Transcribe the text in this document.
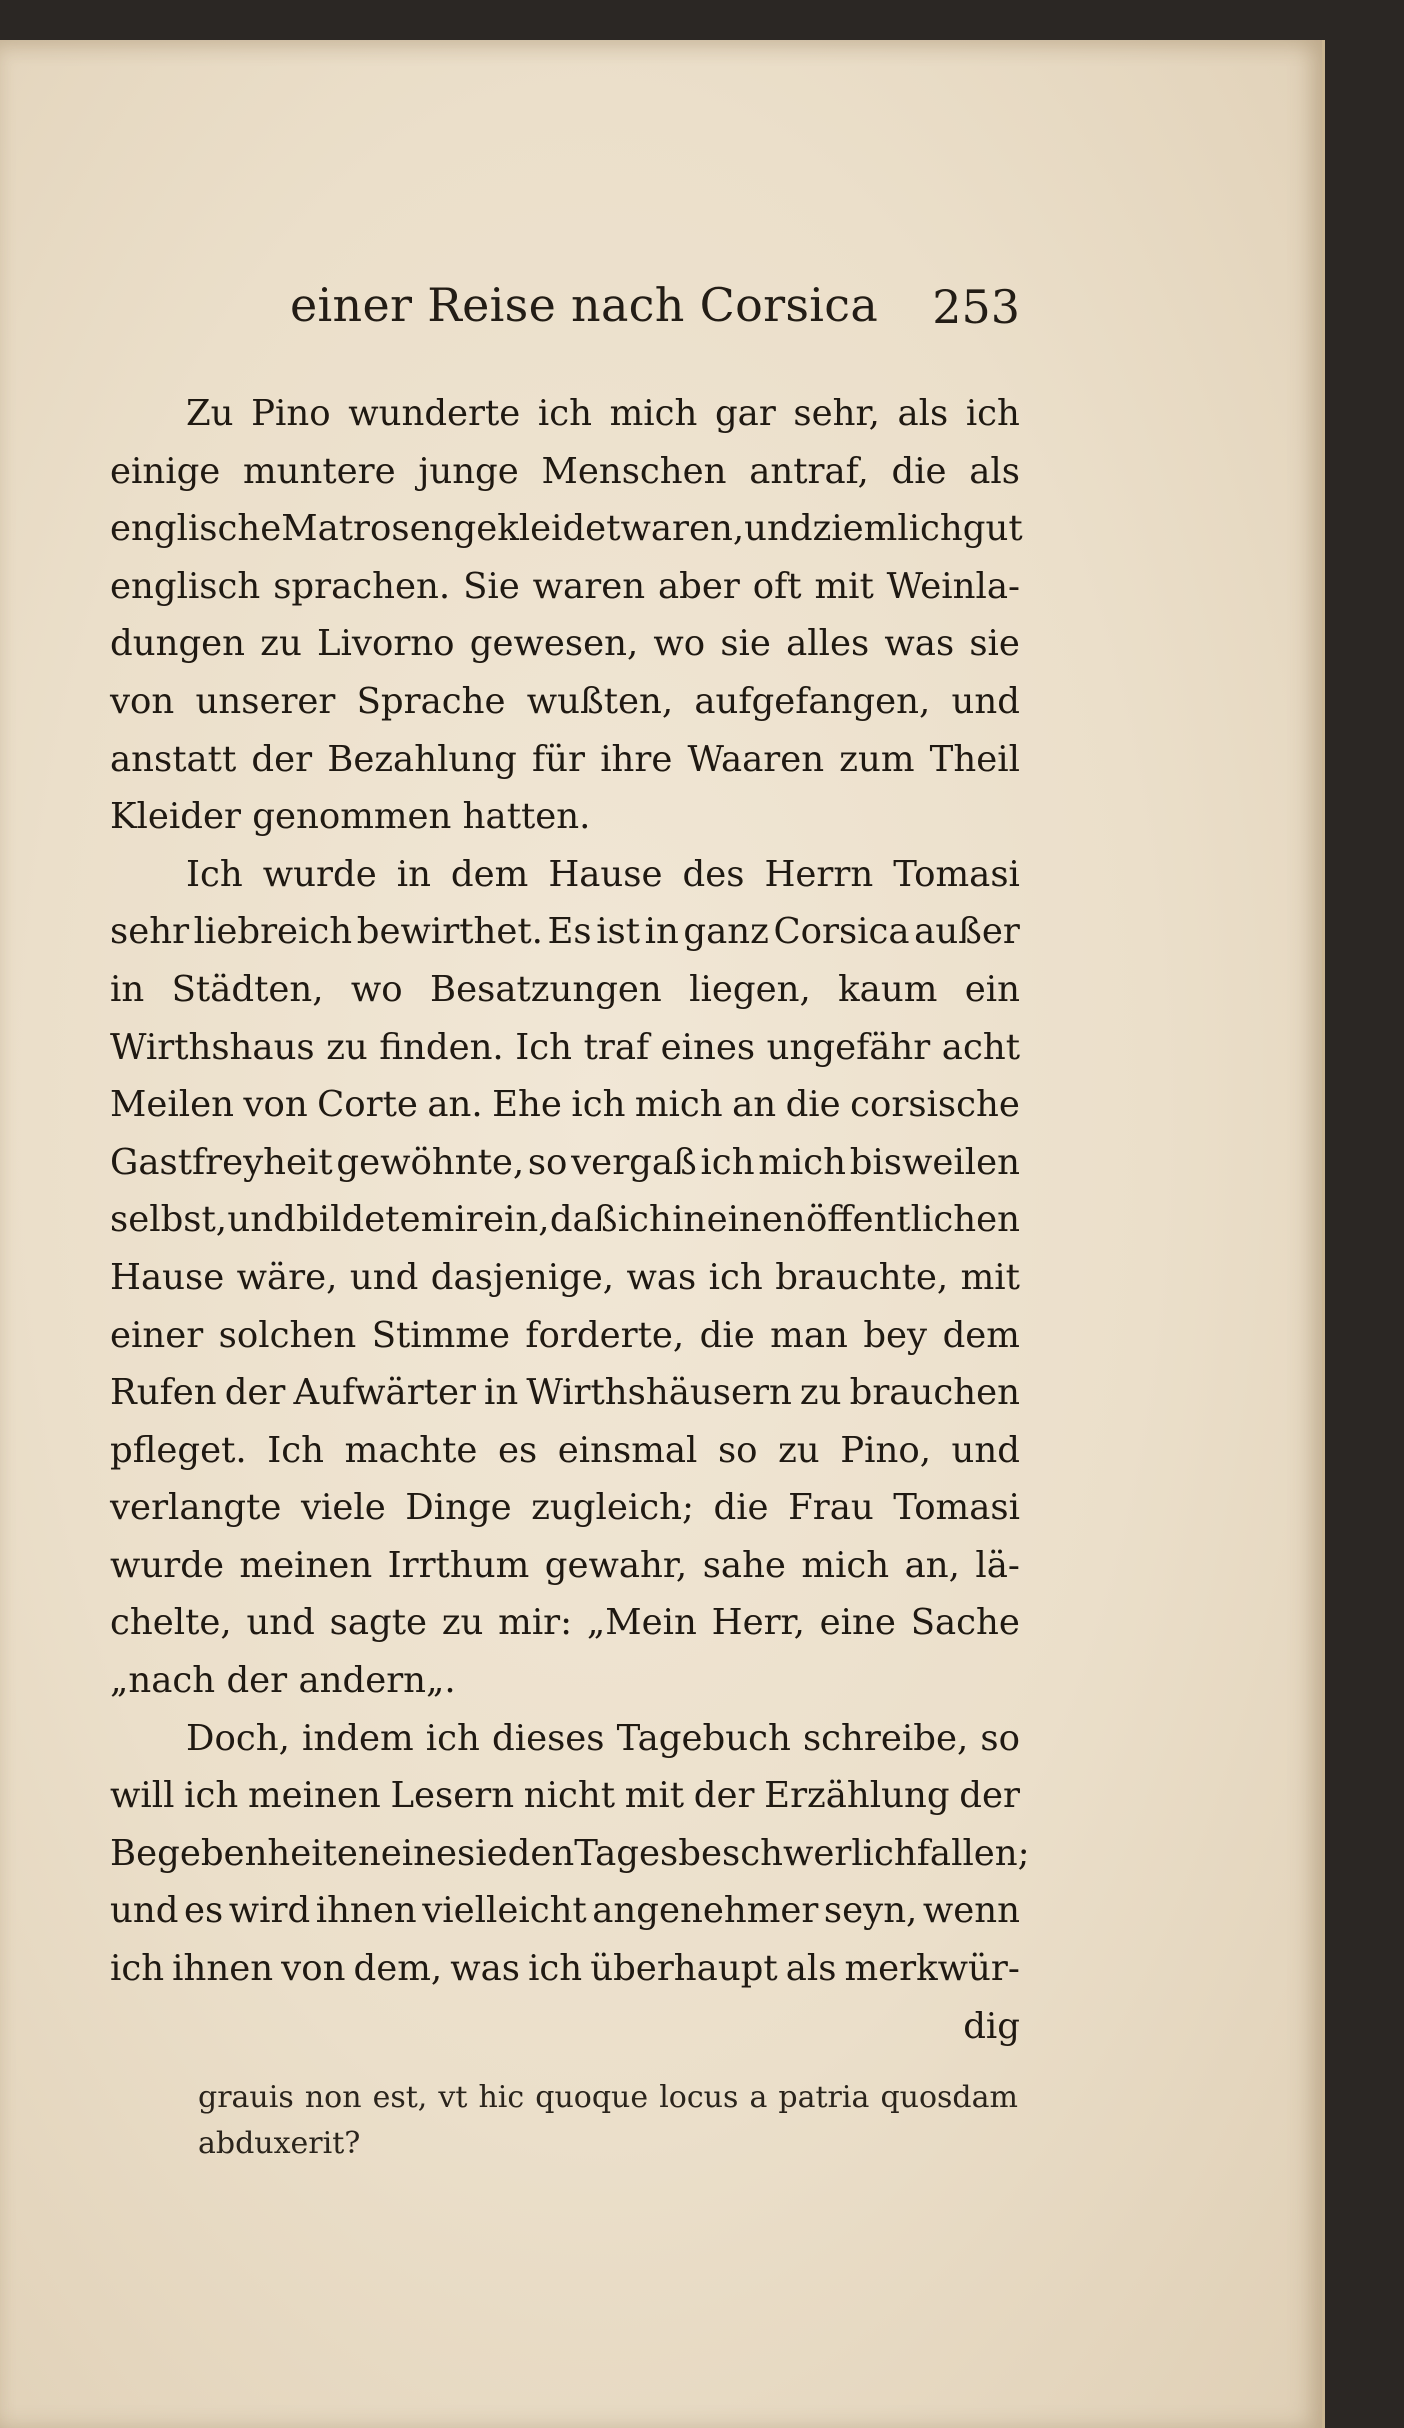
einer Reise nach Corsica 253
Zu Pino wunderte ich mich gar sehr, als ich
einige muntere junge Menschen antraf, die als
englische Matrosen gekleidet waren, und ziemlich gut
englisch sprachen. Sie waren aber oft mit Weinla-
dungen zu Livorno gewesen, wo sie alles was sie
von unserer Sprache wußten, aufgefangen, und
anstatt der Bezahlung für ihre Waaren zum Theil
Kleider genommen hatten.
Ich wurde in dem Hause des Herrn Tomasi
sehr liebreich bewirthet. Es ist in ganz Corsica außer
in Städten, wo Besatzungen liegen, kaum ein
Wirthshaus zu finden. Ich traf eines ungefähr acht
Meilen von Corte an. Ehe ich mich an die corsische
Gastfreyheit gewöhnte, so vergaß ich mich bisweilen
selbst, und bildete mir ein, daß ich in einen öffentlichen
Hause wäre, und dasjenige, was ich brauchte, mit
einer solchen Stimme forderte, die man bey dem
Rufen der Aufwärter in Wirthshäusern zu brauchen
pfleget. Ich machte es einsmal so zu Pino, und
verlangte viele Dinge zugleich; die Frau Tomasi
wurde meinen Irrthum gewahr, sahe mich an, lä-
chelte, und sagte zu mir: „Mein Herr, eine Sache
„nach der andern„.
Doch, indem ich dieses Tagebuch schreibe, so
will ich meinen Lesern nicht mit der Erzählung der
Begebenheiten eines ieden Tages beschwerlich fallen;
und es wird ihnen vielleicht angenehmer seyn, wenn
ich ihnen von dem, was ich überhaupt als merkwür-
dig
grauis non est, vt hic quoque locus a patria quosdam
abduxerit?
